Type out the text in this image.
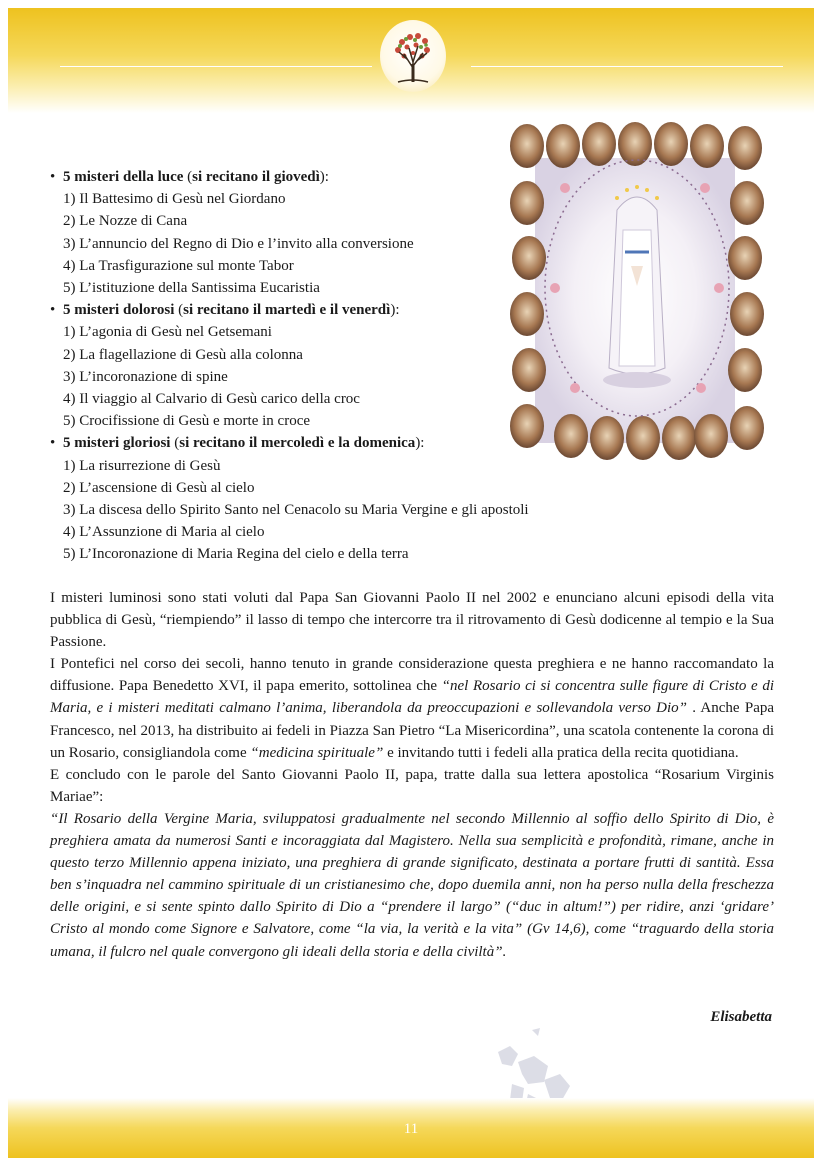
• 5 misteri della luce (si recitano il giovedì):
1) Il Battesimo di Gesù nel Giordano
2) Le Nozze di Cana
3) L’annuncio del Regno di Dio e l’invito alla conversione
4) La Trasfigurazione sul monte Tabor
5) L’istituzione della Santissima Eucaristia
• 5 misteri dolorosi (si recitano il martedì e il venerdì):
1) L’agonia di Gesù nel Getsemani
2) La flagellazione di Gesù alla colonna
3) L’incoronazione di spine
4) Il viaggio al Calvario di Gesù carico della croc
5) Crocifissione di Gesù e morte in croce
• 5 misteri gloriosi (si recitano il mercoledì e la domenica):
1) La risurrezione di Gesù
2) L’ascensione di Gesù al cielo
3) La discesa dello Spirito Santo nel Cenacolo su Maria Vergine e gli apostoli
4) L’Assunzione di Maria al cielo
5) L’Incoronazione di Maria Regina del cielo e della terra

I misteri luminosi sono stati voluti dal Papa San Giovanni Paolo II nel 2002 e enunciano alcuni episodi della vita pubblica di Gesù, “riempiendo” il lasso di tempo che intercorre tra il ritrovamento di Gesù dodicenne al tempio e la Sua Passione.

I Pontefici nel corso dei secoli, hanno tenuto in grande considerazione questa preghiera e ne hanno raccomandato la diffusione. Papa Benedetto XVI, il papa emerito, sottolinea che “nel Rosario ci si concentra sulle figure di Cristo e di Maria, e i misteri meditati calmano l’anima, liberandola da preoccupazioni e sollevandola verso Dio” . Anche Papa Francesco, nel 2013, ha distribuito ai fedeli in Piazza San Pietro “La Misericordina”, una scatola contenente la corona di un Rosario, consigliandola come “medicina spirituale” e invitando tutti i fedeli alla pratica della recita quotidiana.

E concludo con le parole del Santo Giovanni Paolo II, papa, tratte dalla sua lettera apostolica “Rosarium Virginis Mariae”:

“Il Rosario della Vergine Maria, sviluppatosi gradualmente nel secondo Millennio al soffio dello Spirito di Dio, è preghiera amata da numerosi Santi e incoraggiata dal Magistero. Nella sua semplicità e profondità, rimane, anche in questo terzo Millennio appena iniziato, una preghiera di grande significato, destinata a portare frutti di santità. Essa ben s’inquadra nel cammino spirituale di un cristianesimo che, dopo duemila anni, non ha perso nulla della freschezza delle origini, e si sente spinto dallo Spirito di Dio a “prendere il largo” (“duc in altum!”) per ridire, anzi ‘gridare’ Cristo al mondo come Signore e Salvatore, come “la via, la verità e la vita” (Gv 14,6), come “traguardo della storia umana, il fulcro nel quale convergono gli ideali della storia e della civiltà”.

Elisabetta
11
